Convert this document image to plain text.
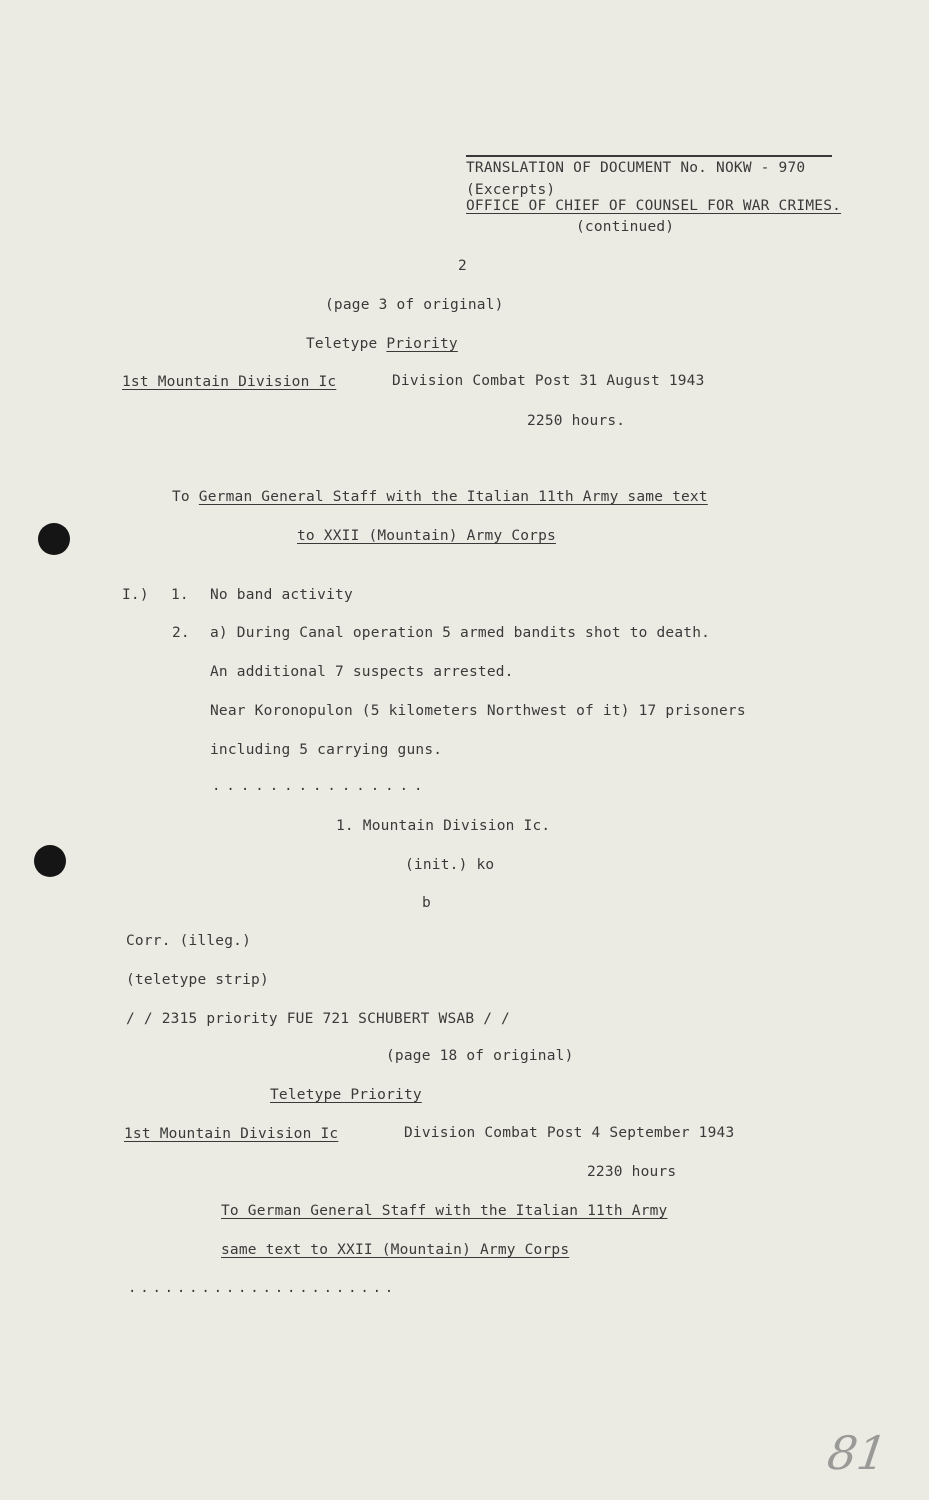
TRANSLATION OF DOCUMENT No. NOKW - 970
(Excerpts)
OFFICE OF CHIEF OF COUNSEL FOR WAR CRIMES.
(continued)
2
(page 3 of original)
Teletype Priority
1st Mountain Division Ic	Division Combat Post 31 August 1943
2250 hours.
To German General Staff with the Italian 11th Army same text
to XXII (Mountain) Army Corps
I.) 1. No band activity
2. a) During Canal operation 5 armed bandits shot to death.
An additional 7 suspects arrested.
Near Koronopulon (5 kilometers Northwest of it) 17 prisoners
including 5 carrying guns.
...............
1. Mountain Division Ic.
(init.) ko
b
Corr. (illeg.)
(teletype strip)
/ / 2315 priority FUE 721 SCHUBERT WSAB / /
(page 18 of original)
Teletype Priority
1st Mountain Division Ic	Division Combat Post 4 September 1943
2230 hours
To German General Staff with the Italian 11th Army
same text to XXII (Mountain) Army Corps
......................
81
